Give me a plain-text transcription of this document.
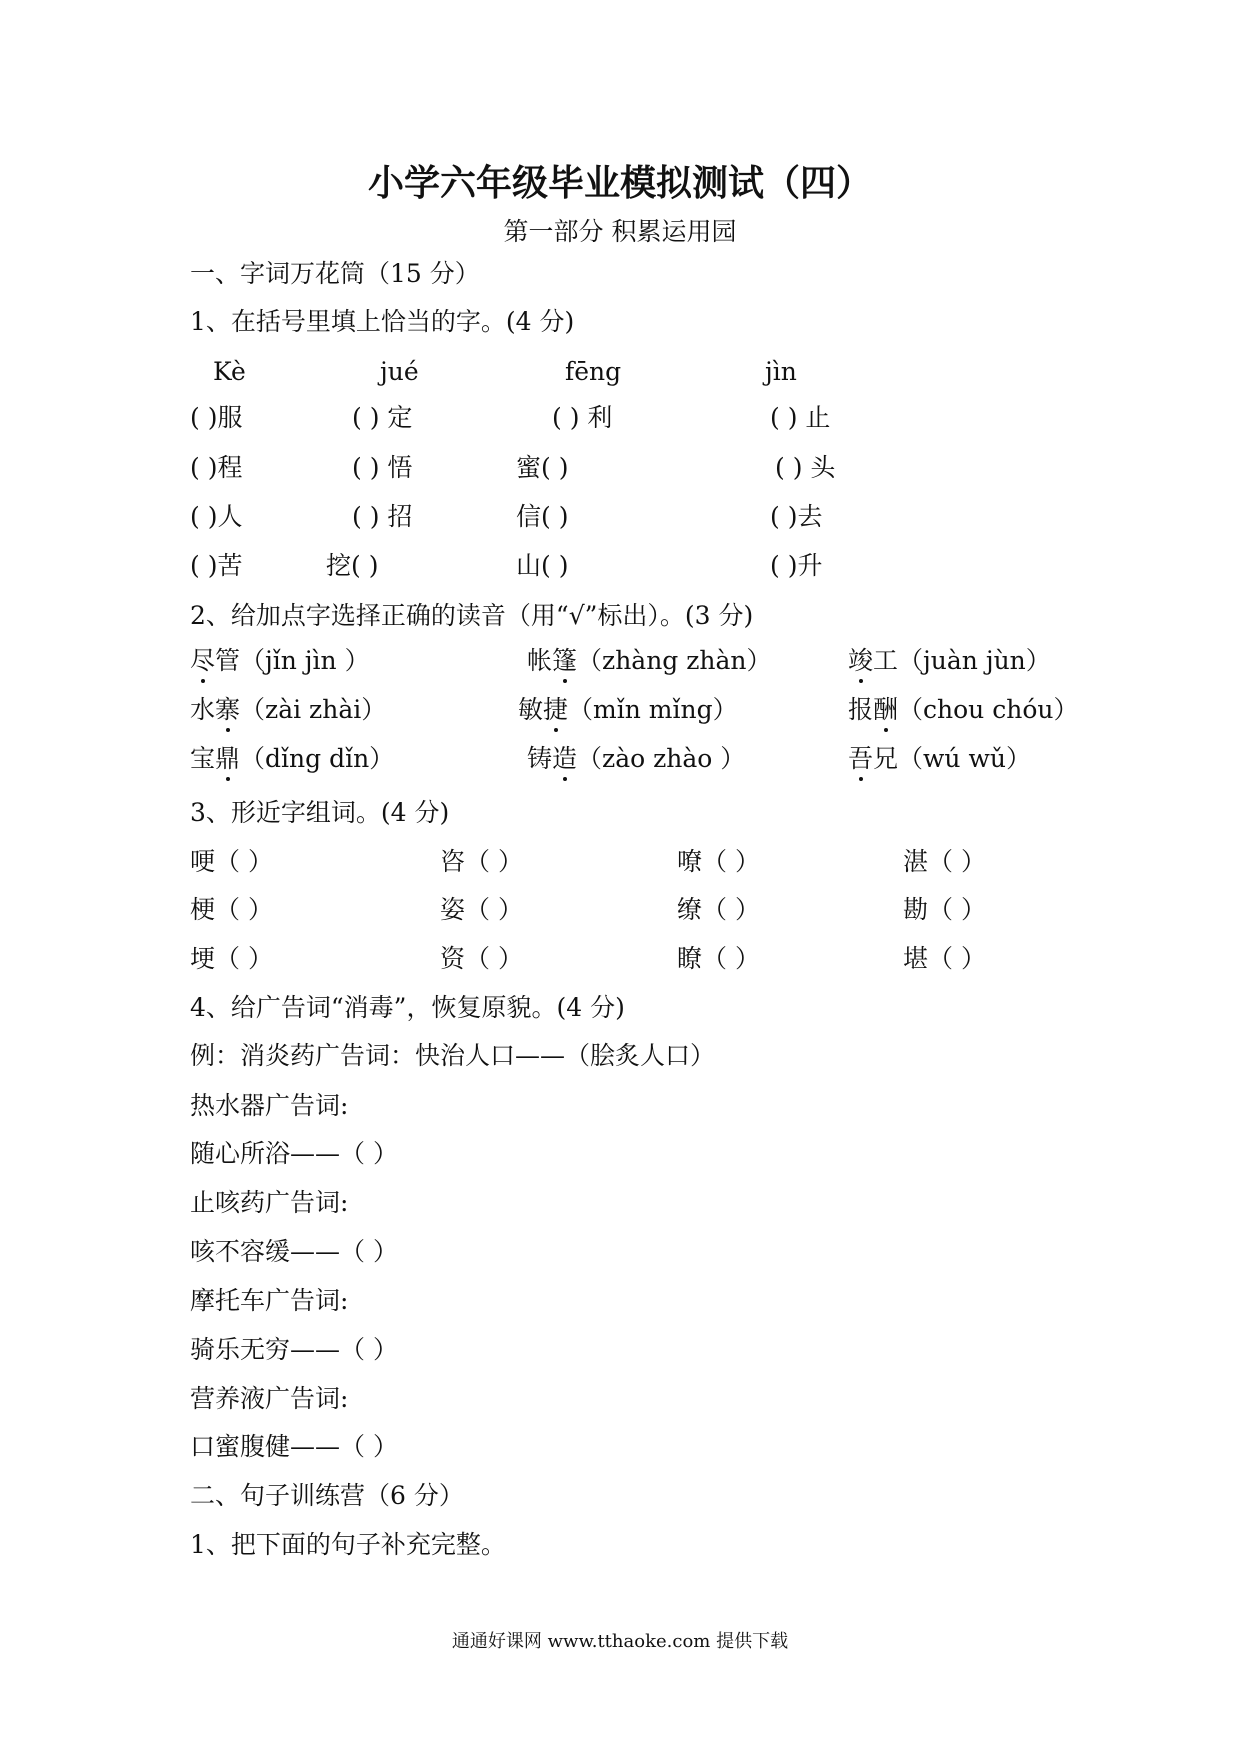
小学六年级毕业模拟测试（四）
第一部分 积累运用园
一、字词万花筒（15 分）
1、在括号里填上恰当的字。(4 分)
Kè	jué	fēng	jìn
( )服	( ) 定	( ) 利	( ) 止
( )程	( ) 悟	蜜( )	( ) 头
( )人	( ) 招	信( )	( )去
( )苦	挖( )	山( )	( )升
2、给加点字选择正确的读音（用“√”标出）。(3 分)
尽管（jǐn jìn ）	帐篷（zhàng zhàn）	竣工（juàn jùn）
水寨（zài zhài）	敏捷（mǐn mǐng）	报酬（chou chóu）
宝鼎（dǐng dǐn）	铸造（zào zhào ）	吾兄（wú wǔ）
3、形近字组词。(4 分)
哽（ ）	咨（ ）	嘹（ ）	湛（ ）
梗（ ）	姿（ ）	缭（ ）	勘（ ）
埂（ ）	资（ ）	瞭（ ）	堪（ ）
4、给广告词“消毒”，恢复原貌。(4 分)
例：消炎药广告词：快治人口——（脍炙人口）
热水器广告词:
随心所浴——（ ）
止咳药广告词:
咳不容缓——（ ）
摩托车广告词:
骑乐无穷——（ ）
营养液广告词:
口蜜腹健——（ ）
二、句子训练营（6 分）
1、把下面的句子补充完整。
通通好课网 www.tthaoke.com 提供下载
